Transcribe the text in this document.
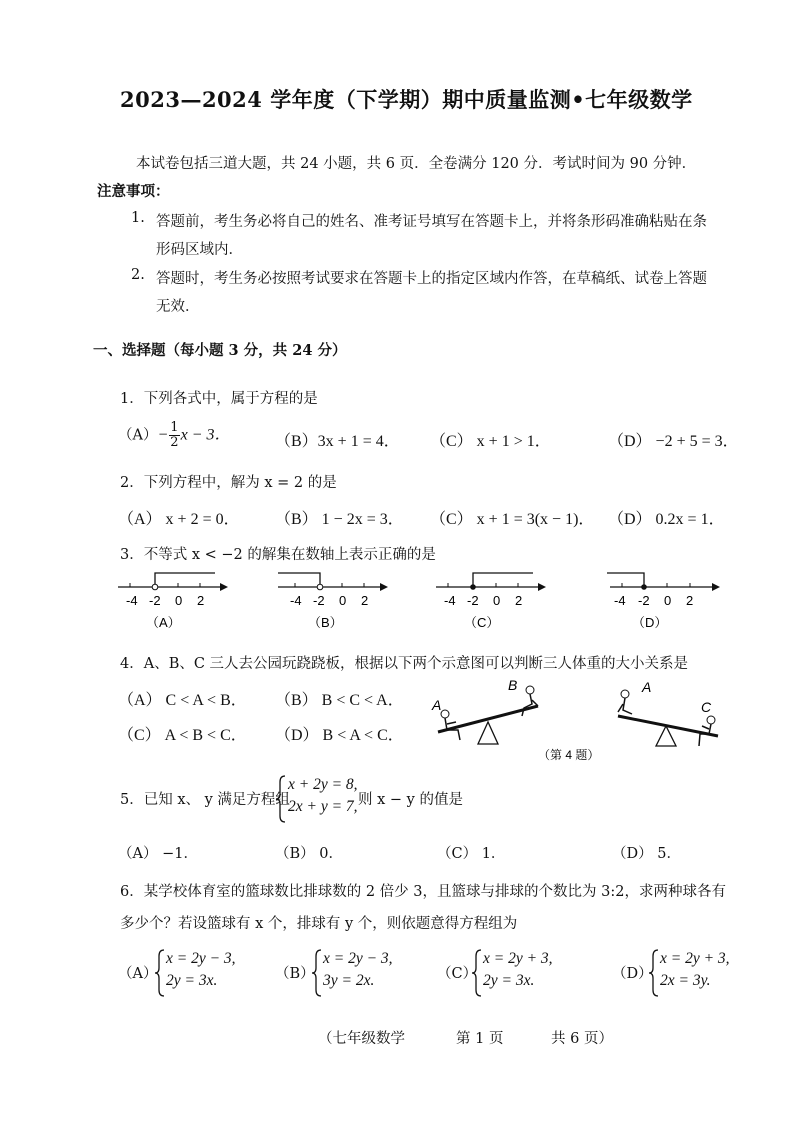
2023—2024 学年度（下学期）期中质量监测•七年级数学
本试卷包括三道大题，共 24 小题，共 6 页．全卷满分 120 分．考试时间为 90 分钟．
注意事项：
1. 答题前，考生务必将自己的姓名、准考证号填写在答题卡上，并将条形码准确粘贴在条
形码区域内．
2. 答题时，考生务必按照考试要求在答题卡上的指定区域内作答，在草稿纸、试卷上答题
无效．
一、选择题（每小题 3 分，共 24 分）
1．下列各式中，属于方程的是
$(A)- \frac{1}{2}$ x − 3．	（B）3x + 1 = 4． （C） x + 1 > 1．	（D） −2 + 5 = 3．
2．下列方程中，解为 x = 2 的是
（A） x + 2 = 0． （B） 1 − 2x = 3． （C） x + 1 = 3(x − 1)． （D） 0.2x = 1．
3．不等式 x < −2 的解集在数轴上表示正确的是
-4 -2 0 2
（A）
-4 -2 0 2
（B）
-4 -2 0 2
（C）
-4 -2 0 2
（D）
4．A、B、C 三人去公园玩跷跷板，根据以下两个示意图可以判断三人体重的大小关系是
（A） C < A < B． （B） B < C < A．
（C） A < B < C． （D） B < A < C．
A
B	A
C
（第 4 题）
5．已知 x、 y 满足方程组
x + 2y = 8,
2x + y = 7, 则 x − y 的值是
（A） −1．	（B） 0．	（C） 1．	（D） 5．
6．某学校体育室的篮球数比排球数的 2 倍少 3，且篮球与排球的个数比为 3:2，求两种球各有
多少个？若设篮球有 x 个，排球有 y 个，则依题意得方程组为
（A）
x = 2y − 3,
2y = 3x.	（B）
x = 2y − 3,
3y = 2x.	（C）
x = 2y + 3,
2y = 3x.	（D）
x = 2y + 3,
2x = 3y.
（七年级数学	第 1 页	共 6 页）
